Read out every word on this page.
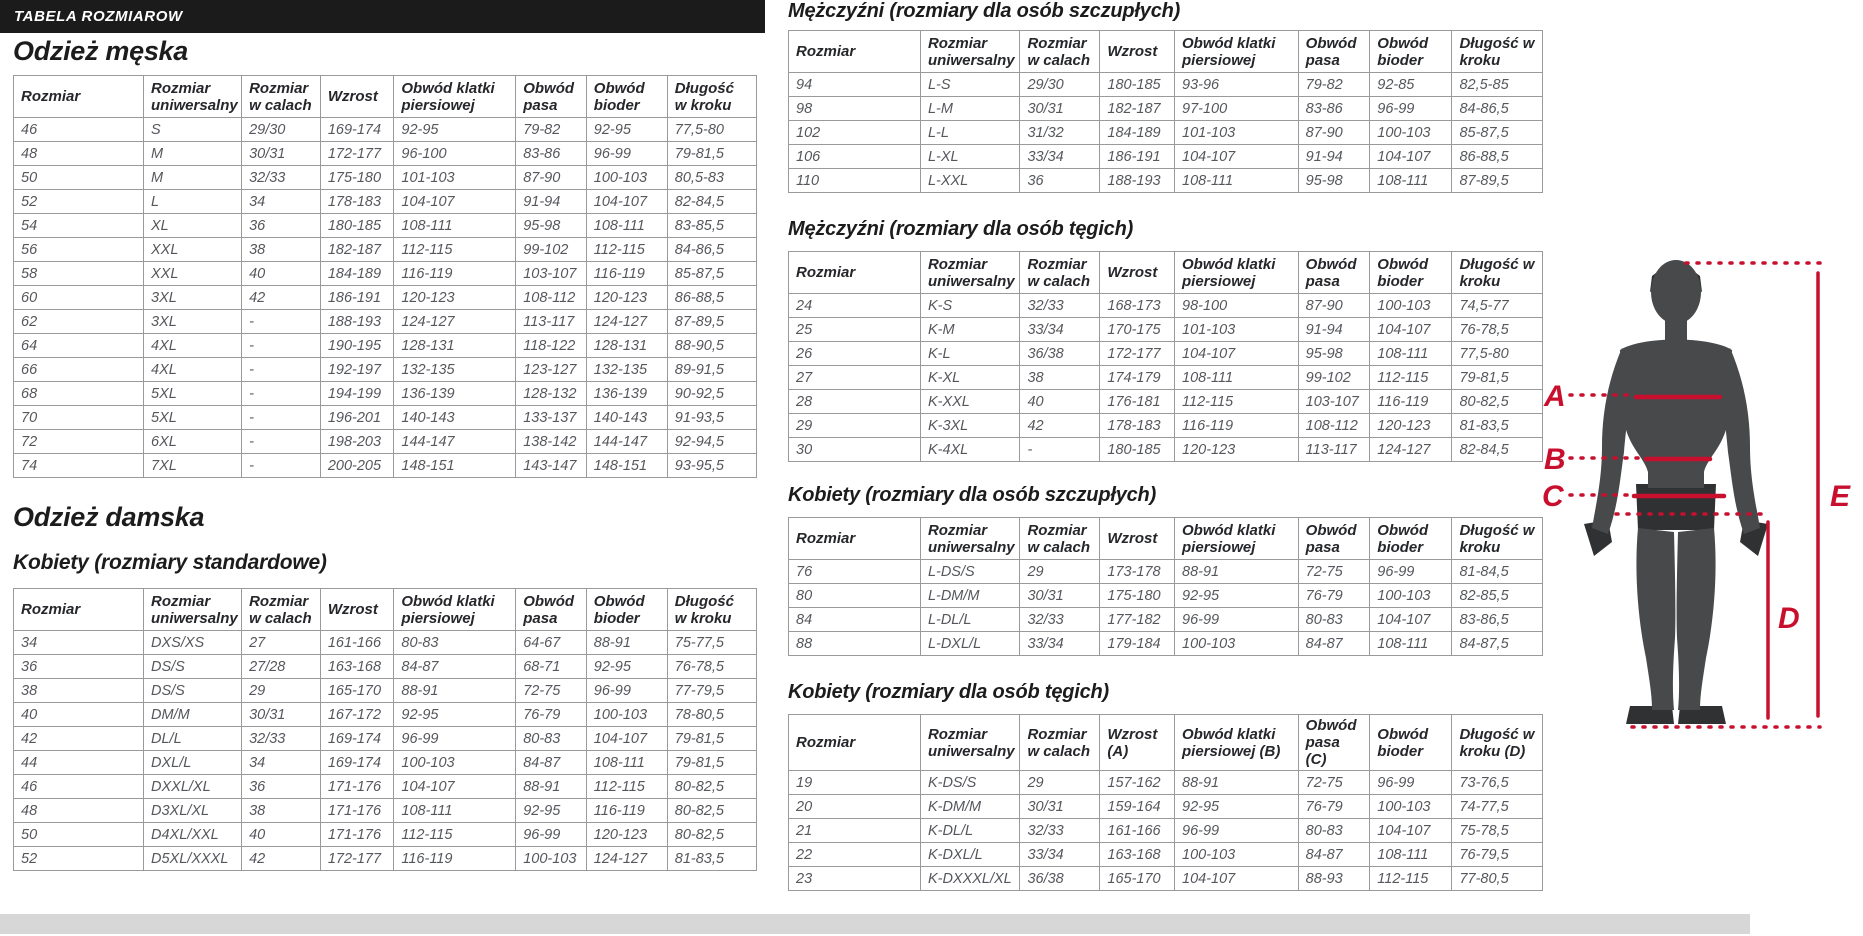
TABELA ROZMIAROW
Odzież męska
Rozmiar	Rozmiar uniwersalny	Rozmiar w calach	Wzrost	Obwód klatki piersiowej	Obwód pasa	Obwód bioder	Długość w kroku
46	S	29/30	169-174	92-95	79-82	92-95	77,5-80
48	M	30/31	172-177	96-100	83-86	96-99	79-81,5
50	M	32/33	175-180	101-103	87-90	100-103	80,5-83
52	L	34	178-183	104-107	91-94	104-107	82-84,5
54	XL	36	180-185	108-111	95-98	108-111	83-85,5
56	XXL	38	182-187	112-115	99-102	112-115	84-86,5
58	XXL	40	184-189	116-119	103-107	116-119	85-87,5
60	3XL	42	186-191	120-123	108-112	120-123	86-88,5
62	3XL	-	188-193	124-127	113-117	124-127	87-89,5
64	4XL	-	190-195	128-131	118-122	128-131	88-90,5
66	4XL	-	192-197	132-135	123-127	132-135	89-91,5
68	5XL	-	194-199	136-139	128-132	136-139	90-92,5
70	5XL	-	196-201	140-143	133-137	140-143	91-93,5
72	6XL	-	198-203	144-147	138-142	144-147	92-94,5
74	7XL	-	200-205	148-151	143-147	148-151	93-95,5
Odzież damska
Kobiety (rozmiary standardowe)
Rozmiar	Rozmiar uniwersalny	Rozmiar w calach	Wzrost	Obwód klatki piersiowej	Obwód pasa	Obwód bioder	Długość w kroku
34	DXS/XS	27	161-166	80-83	64-67	88-91	75-77,5
36	DS/S	27/28	163-168	84-87	68-71	92-95	76-78,5
38	DS/S	29	165-170	88-91	72-75	96-99	77-79,5
40	DM/M	30/31	167-172	92-95	76-79	100-103	78-80,5
42	DL/L	32/33	169-174	96-99	80-83	104-107	79-81,5
44	DXL/L	34	169-174	100-103	84-87	108-111	79-81,5
46	DXXL/XL	36	171-176	104-107	88-91	112-115	80-82,5
48	D3XL/XL	38	171-176	108-111	92-95	116-119	80-82,5
50	D4XL/XXL	40	171-176	112-115	96-99	120-123	80-82,5
52	D5XL/XXXL	42	172-177	116-119	100-103	124-127	81-83,5
Mężczyźni (rozmiary dla osób szczupłych)
Rozmiar	Rozmiar uniwersalny	Rozmiar w calach	Wzrost	Obwód klatki piersiowej	Obwód pasa	Obwód bioder	Długość w kroku
94	L-S	29/30	180-185	93-96	79-82	92-85	82,5-85
98	L-M	30/31	182-187	97-100	83-86	96-99	84-86,5
102	L-L	31/32	184-189	101-103	87-90	100-103	85-87,5
106	L-XL	33/34	186-191	104-107	91-94	104-107	86-88,5
110	L-XXL	36	188-193	108-111	95-98	108-111	87-89,5
Mężczyźni (rozmiary dla osób tęgich)
Rozmiar	Rozmiar uniwersalny	Rozmiar w calach	Wzrost	Obwód klatki piersiowej	Obwód pasa	Obwód bioder	Długość w kroku
24	K-S	32/33	168-173	98-100	87-90	100-103	74,5-77
25	K-M	33/34	170-175	101-103	91-94	104-107	76-78,5
26	K-L	36/38	172-177	104-107	95-98	108-111	77,5-80
27	K-XL	38	174-179	108-111	99-102	112-115	79-81,5
28	K-XXL	40	176-181	112-115	103-107	116-119	80-82,5
29	K-3XL	42	178-183	116-119	108-112	120-123	81-83,5
30	K-4XL	-	180-185	120-123	113-117	124-127	82-84,5
Kobiety (rozmiary dla osób szczupłych)
Rozmiar	Rozmiar uniwersalny	Rozmiar w calach	Wzrost	Obwód klatki piersiowej	Obwód pasa	Obwód bioder	Długość w kroku
76	L-DS/S	29	173-178	88-91	72-75	96-99	81-84,5
80	L-DM/M	30/31	175-180	92-95	76-79	100-103	82-85,5
84	L-DL/L	32/33	177-182	96-99	80-83	104-107	83-86,5
88	L-DXL/L	33/34	179-184	100-103	84-87	108-111	84-87,5
Kobiety (rozmiary dla osób tęgich)
Rozmiar	Rozmiar uniwersalny	Rozmiar w calach	Wzrost (A)	Obwód klatki piersiowej (B)	Obwód pasa (C)	Obwód bioder	Długość w kroku (D)
19	K-DS/S	29	157-162	88-91	72-75	96-99	73-76,5
20	K-DM/M	30/31	159-164	92-95	76-79	100-103	74-77,5
21	K-DL/L	32/33	161-166	96-99	80-83	104-107	75-78,5
22	K-DXL/L	33/34	163-168	100-103	84-87	108-111	76-79,5
23	K-DXXXL/XL	36/38	165-170	104-107	88-93	112-115	77-80,5
A
B
C
D
E
